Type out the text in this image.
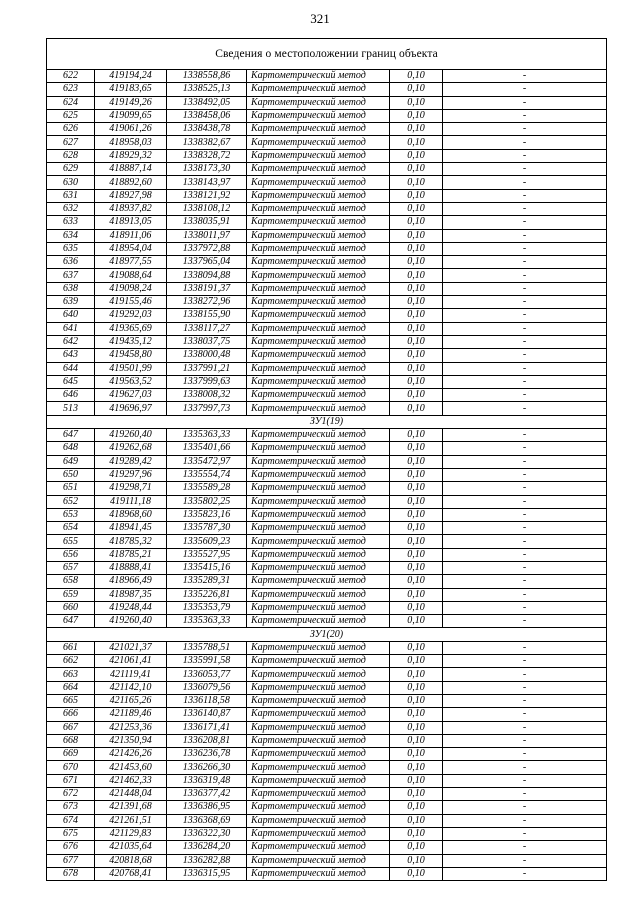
321
Сведения о местоположении границ объекта					
622	419194,24	1338558,86	Картометрический метод	0,10	-
623	419183,65	1338525,13	Картометрический метод	0,10	-
624	419149,26	1338492,05	Картометрический метод	0,10	-
625	419099,65	1338458,06	Картометрический метод	0,10	-
626	419061,26	1338438,78	Картометрический метод	0,10	-
627	418958,03	1338382,67	Картометрический метод	0,10	-
628	418929,32	1338328,72	Картометрический метод	0,10	-
629	418887,14	1338173,30	Картометрический метод	0,10	-
630	418892,60	1338143,97	Картометрический метод	0,10	-
631	418927,98	1338121,92	Картометрический метод	0,10	-
632	418937,82	1338108,12	Картометрический метод	0,10	-
633	418913,05	1338035,91	Картометрический метод	0,10	-
634	418911,06	1338011,97	Картометрический метод	0,10	-
635	418954,04	1337972,88	Картометрический метод	0,10	-
636	418977,55	1337965,04	Картометрический метод	0,10	-
637	419088,64	1338094,88	Картометрический метод	0,10	-
638	419098,24	1338191,37	Картометрический метод	0,10	-
639	419155,46	1338272,96	Картометрический метод	0,10	-
640	419292,03	1338155,90	Картометрический метод	0,10	-
641	419365,69	1338117,27	Картометрический метод	0,10	-
642	419435,12	1338037,75	Картометрический метод	0,10	-
643	419458,80	1338000,48	Картометрический метод	0,10	-
644	419501,99	1337991,21	Картометрический метод	0,10	-
645	419563,52	1337999,63	Картометрический метод	0,10	-
646	419627,03	1338008,32	Картометрический метод	0,10	-
513	419696,97	1337997,73	Картометрический метод	0,10	-
ЗУ1(19)					
647	419260,40	1335363,33	Картометрический метод	0,10	-
648	419262,68	1335401,66	Картометрический метод	0,10	-
649	419289,42	1335472,97	Картометрический метод	0,10	-
650	419297,96	1335554,74	Картометрический метод	0,10	-
651	419298,71	1335589,28	Картометрический метод	0,10	-
652	419111,18	1335802,25	Картометрический метод	0,10	-
653	418968,60	1335823,16	Картометрический метод	0,10	-
654	418941,45	1335787,30	Картометрический метод	0,10	-
655	418785,32	1335609,23	Картометрический метод	0,10	-
656	418785,21	1335527,95	Картометрический метод	0,10	-
657	418888,41	1335415,16	Картометрический метод	0,10	-
658	418966,49	1335289,31	Картометрический метод	0,10	-
659	418987,35	1335226,81	Картометрический метод	0,10	-
660	419248,44	1335353,79	Картометрический метод	0,10	-
647	419260,40	1335363,33	Картометрический метод	0,10	-
ЗУ1(20)					
661	421021,37	1335788,51	Картометрический метод	0,10	-
662	421061,41	1335991,58	Картометрический метод	0,10	-
663	421119,41	1336053,77	Картометрический метод	0,10	-
664	421142,10	1336079,56	Картометрический метод	0,10	-
665	421165,26	1336118,58	Картометрический метод	0,10	-
666	421189,46	1336140,87	Картометрический метод	0,10	-
667	421253,36	1336171,41	Картометрический метод	0,10	-
668	421350,94	1336208,81	Картометрический метод	0,10	-
669	421426,26	1336236,78	Картометрический метод	0,10	-
670	421453,60	1336266,30	Картометрический метод	0,10	-
671	421462,33	1336319,48	Картометрический метод	0,10	-
672	421448,04	1336377,42	Картометрический метод	0,10	-
673	421391,68	1336386,95	Картометрический метод	0,10	-
674	421261,51	1336368,69	Картометрический метод	0,10	-
675	421129,83	1336322,30	Картометрический метод	0,10	-
676	421035,64	1336284,20	Картометрический метод	0,10	-
677	420818,68	1336282,88	Картометрический метод	0,10	-
678	420768,41	1336315,95	Картометрический метод	0,10	-
